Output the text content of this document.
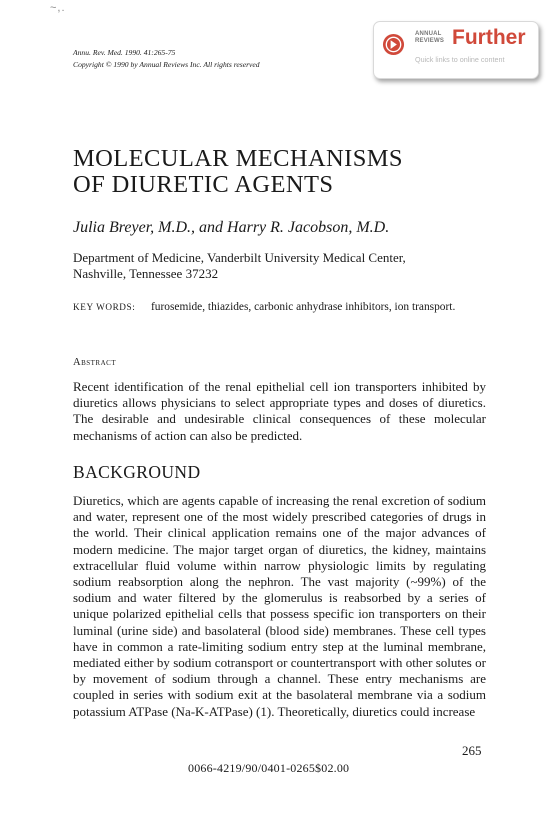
~,.
Annu. Rev. Med. 1990. 41:265-75
Copyright © 1990 by Annual Reviews Inc. All rights reserved
ANNUAL
REVIEWS Further
Quick links to online content
MOLECULAR MECHANISMS
OF DIURETIC AGENTS
Julia Breyer, M.D., and Harry R. Jacobson, M.D.
Department of Medicine, Vanderbilt University Medical Center,
Nashville, Tennessee 37232
KEY WORDS: furosemide, thiazides, carbonic anhydrase inhibitors, ion transport.
Abstract
Recent identification of the renal epithelial cell ion transporters inhibited by diuretics allows physicians to select appropriate types and doses of diuretics. The desirable and undesirable clinical consequences of these molecular mechanisms of action can also be predicted.
BACKGROUND
Diuretics, which are agents capable of increasing the renal excretion of sodium and water, represent one of the most widely prescribed categories of drugs in the world. Their clinical application remains one of the major advances of modern medicine. The major target organ of diuretics, the kidney, maintains extracellular fluid volume within narrow physiologic limits by regulating sodium reabsorption along the nephron. The vast majority (~99%) of the sodium and water filtered by the glomerulus is reabsorbed by a series of unique polarized epithelial cells that possess specific ion transporters on their luminal (urine side) and basolateral (blood side) membranes. These cell types have in common a rate-limiting sodium entry step at the luminal membrane, mediated either by sodium cotransport or countertransport with other solutes or by movement of sodium through a channel. These entry mechanisms are coupled in series with sodium exit at the basolateral membrane via a sodium potassium ATPase (Na-K-ATPase) (1). Theoretically, diuretics could increase
265
0066-4219/90/0401-0265$02.00
